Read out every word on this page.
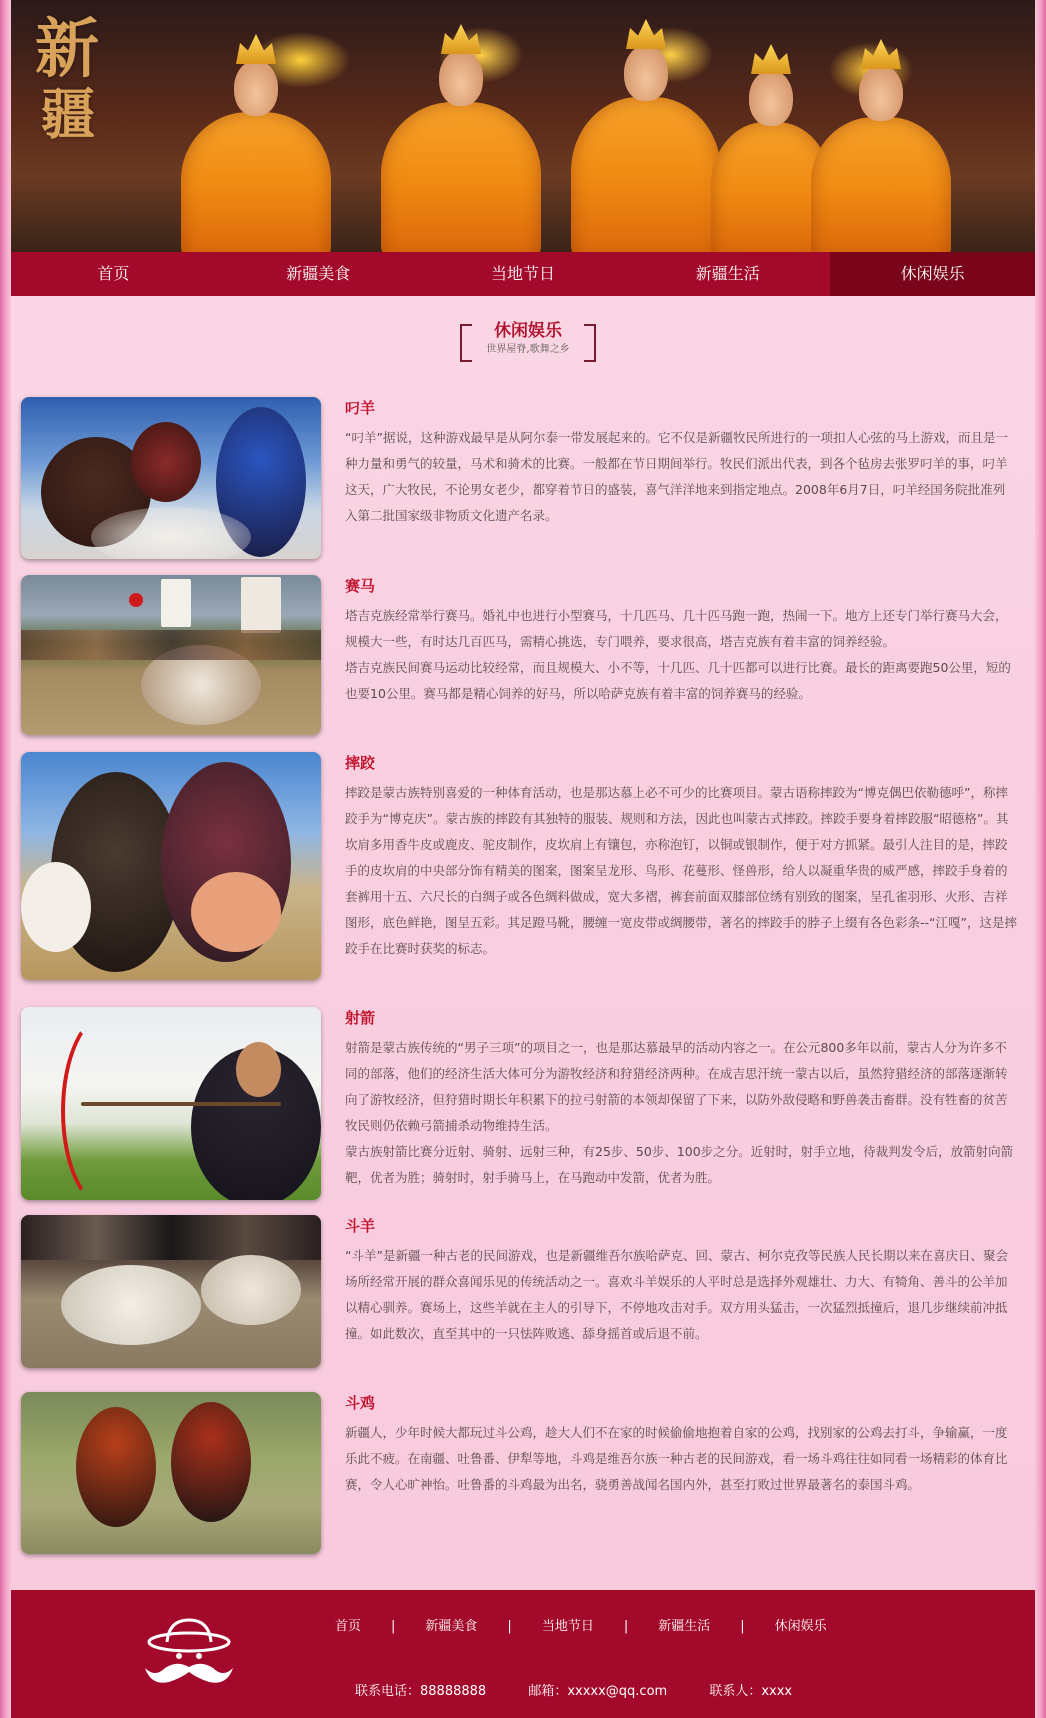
新
疆
首页	新疆美食	当地节日	新疆生活	休闲娱乐
休闲娱乐

世界屋脊,歌舞之乡

叼羊
“叼羊”据说，这种游戏最早是从阿尔泰一带发展起来的。它不仅是新疆牧民所进行的一项扣人心弦的马上游戏，而且是一种力量和勇气的较量，马术和骑术的比赛。一般都在节日期间举行。牧民们派出代表，到各个毡房去张罗叼羊的事，叼羊这天，广大牧民，不论男女老少，都穿着节日的盛装，喜气洋洋地来到指定地点。2008年6月7日，叼羊经国务院批准列入第二批国家级非物质文化遗产名录。
赛马
塔吉克族经常举行赛马。婚礼中也进行小型赛马，十几匹马、几十匹马跑一跑，热闹一下。地方上还专门举行赛马大会，规模大一些，有时达几百匹马，需精心挑选，专门喂养，要求很高，塔吉克族有着丰富的饲养经验。
塔吉克族民间赛马运动比较经常，而且规模大、小不等，十几匹、几十匹都可以进行比赛。最长的距离要跑50公里，短的也要10公里。赛马都是精心饲养的好马，所以哈萨克族有着丰富的饲养赛马的经验。
摔跤
摔跤是蒙古族特别喜爱的一种体育活动，也是那达慕上必不可少的比赛项目。蒙古语称摔跤为“博克偶巴依勒德呼”，称摔跤手为“博克庆”。蒙古族的摔跤有其独特的服装、规则和方法，因此也叫蒙古式摔跤。摔跤手要身着摔跤服“昭德格”。其坎肩多用香牛皮或鹿皮、驼皮制作，皮坎肩上有镶包，亦称泡钉，以铜或银制作，便于对方抓紧。最引人注目的是，摔跤手的皮坎肩的中央部分饰有精美的图案，图案呈龙形、鸟形、花蔓形、怪兽形，给人以凝重华贵的威严感，摔跤手身着的套裤用十五、六尺长的白绸子或各色绸料做成，宽大多褶，裤套前面双膝部位绣有别致的图案，呈孔雀羽形、火形、吉祥图形，底色鲜艳，图呈五彩。其足蹬马靴，腰缠一宽皮带或绸腰带，著名的摔跤手的脖子上缀有各色彩条--“江嘎”，这是摔跤手在比赛时获奖的标志。
射箭
射箭是蒙古族传统的“男子三项”的项目之一，也是那达慕最早的活动内容之一。在公元800多年以前，蒙古人分为许多不同的部落，他们的经济生活大体可分为游牧经济和狩猎经济两种。在成吉思汗统一蒙古以后，虽然狩猎经济的部落逐渐转向了游牧经济，但狩猎时期长年积累下的拉弓射箭的本领却保留了下来，以防外敌侵略和野兽袭击畜群。没有牲畜的贫苦牧民则仍依赖弓箭捕杀动物维持生活。
蒙古族射箭比赛分近射、骑射、远射三种，有25步、50步、100步之分。近射时，射手立地，待裁判发令后，放箭射向箭靶，优者为胜；骑射时，射手骑马上，在马跑动中发箭，优者为胜。
斗羊
“斗羊”是新疆一种古老的民间游戏，也是新疆维吾尔族哈萨克、回、蒙古、柯尔克孜等民族人民长期以来在喜庆日、聚会场所经常开展的群众喜闻乐见的传统活动之一。喜欢斗羊娱乐的人平时总是选择外观雄壮、力大、有犄角、善斗的公羊加以精心驯养。赛场上，这些羊就在主人的引导下，不停地攻击对手。双方用头猛击，一次猛烈抵撞后，退几步继续前冲抵撞。如此数次，直至其中的一只怯阵败逃、舔身摇首或后退不前。
斗鸡
新疆人，少年时候大都玩过斗公鸡，趁大人们不在家的时候偷偷地抱着自家的公鸡，找别家的公鸡去打斗，争输赢，一度乐此不疲。在南疆、吐鲁番、伊犁等地，斗鸡是维吾尔族一种古老的民间游戏，看一场斗鸡往往如同看一场精彩的体育比赛，令人心旷神怡。吐鲁番的斗鸡最为出名，骁勇善战闻名国内外，甚至打败过世界最著名的泰国斗鸡。
首页 | 新疆美食 | 当地节日 | 新疆生活 | 休闲娱乐
联系电话：88888888	邮箱：xxxxx@qq.com	联系人：xxxx
